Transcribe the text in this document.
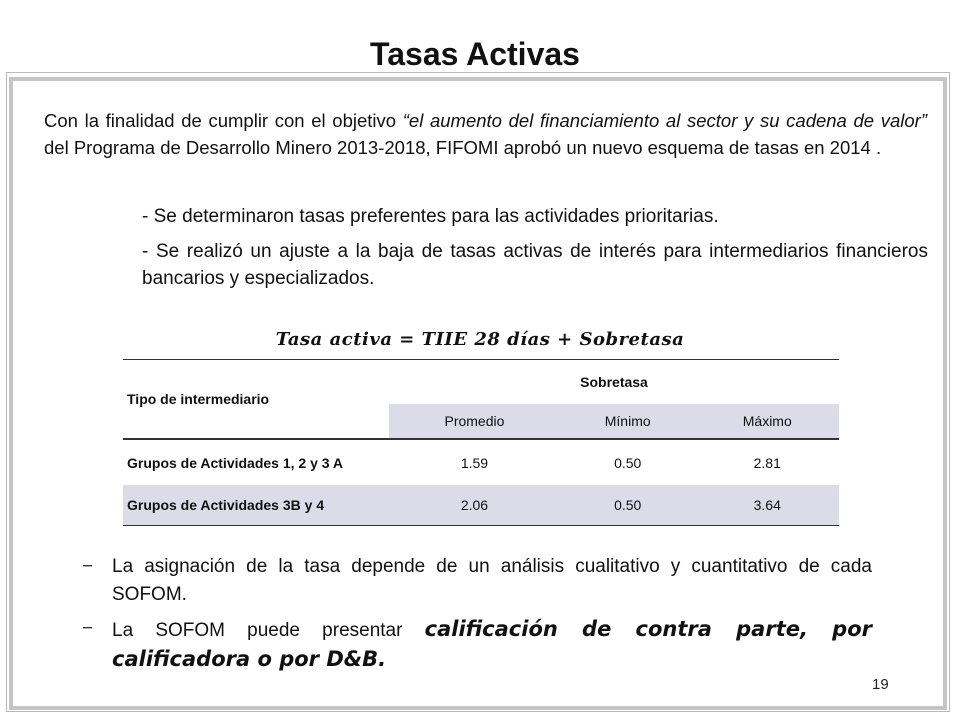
Tasas Activas
Con la finalidad de cumplir con el objetivo “el aumento del financiamiento al sector y su cadena de valor” del Programa de Desarrollo Minero 2013-2018, FIFOMI aprobó un nuevo esquema de tasas en 2014 .
- Se determinaron tasas preferentes para las actividades prioritarias.
- Se realizó un ajuste a la baja de tasas activas de interés para intermediarios financieros bancarios y especializados.
Tasa activa = TIIE 28 días + Sobretasa
Tipo de intermediario	Sobretasa		
	Promedio	Mínimo	Máximo
Grupos de Actividades 1, 2 y 3 A	1.59	0.50	2.81
Grupos de Actividades 3B y 4	2.06	0.50	3.64
− La asignación de la tasa depende de un análisis cualitativo y cuantitativo de cada SOFOM.
− La SOFOM puede presentar calificación de contra parte, por calificadora o por D&B.
19
